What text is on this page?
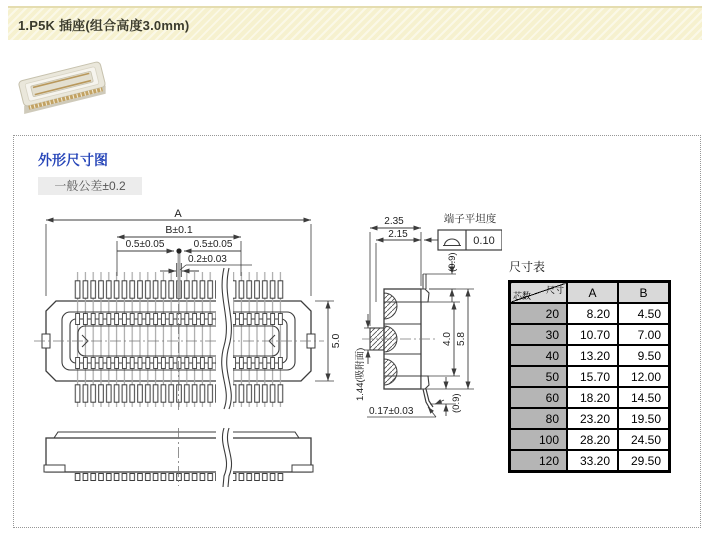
1.P5K 插座(组合高度3.0mm)
外形尺寸图
一般公差±0.2
A
B±0.1
0.5±0.05	0.5±0.05
0.2±0.03
5.0
2.35
2.15
端子平坦度
0.10
(0.9)
4.0 5.8
(0.9)
1.44(吸附面)
0.17±0.03
尺寸表
尺寸
芯数	A	B
20	8.20	4.50
30	10.70	7.00
40	13.20	9.50
50	15.70	12.00
60	18.20	14.50
80	23.20	19.50
100	28.20	24.50
120	33.20	29.50
